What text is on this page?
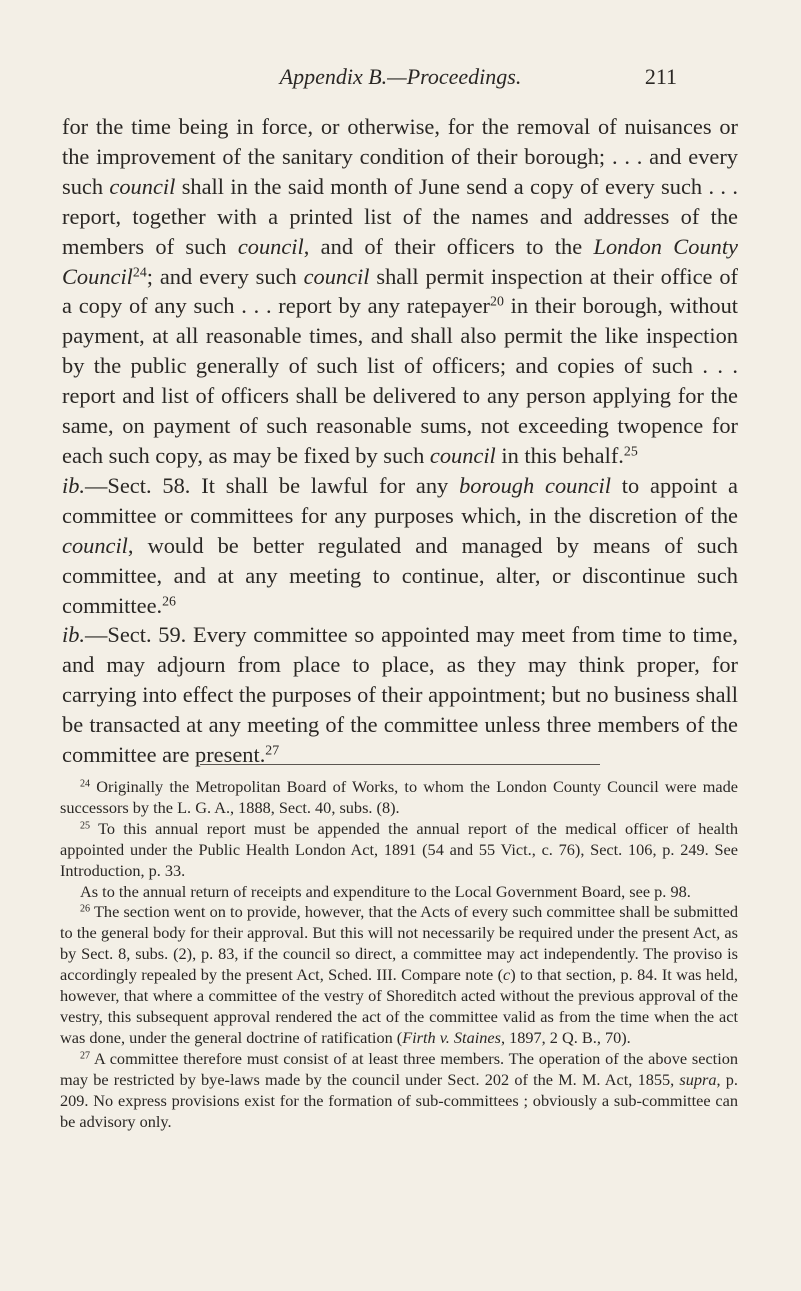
Appendix B.—Proceedings.	211

for the time being in force, or otherwise, for the removal of nuisances or the improvement of the sanitary condition of their borough; . . . and every such council shall in the said month of June send a copy of every such . . . report, together with a printed list of the names and addresses of the members of such council, and of their officers to the London County Council$^{24}$; and every such council shall permit inspection at their office of a copy of any such . . . report by any ratepayer$^{20}$ in their borough, without payment, at all reasonable times, and shall also permit the like inspection by the public generally of such list of officers; and copies of such . . . report and list of officers shall be delivered to any person applying for the same, on payment of such reasonable sums, not exceeding twopence for each such copy, as may be fixed by such council in this behalf.$^{25}$

ib.—Sect. 58. It shall be lawful for any borough council to appoint a committee or committees for any purposes which, in the discretion of the council, would be better regulated and managed by means of such committee, and at any meeting to continue, alter, or discontinue such committee.$^{26}$

ib.—Sect. 59. Every committee so appointed may meet from time to time, and may adjourn from place to place, as they may think proper, for carrying into effect the purposes of their appointment; but no business shall be transacted at any meeting of the committee unless three members of the committee are present.$^{27}$

$^{24}$ Originally the Metropolitan Board of Works, to whom the London County Council were made successors by the L. G. A., 1888, Sect. 40, subs. (8).

$^{25}$ To this annual report must be appended the annual report of the medical officer of health appointed under the Public Health London Act, 1891 (54 and 55 Vict., c. 76), Sect. 106, p. 249. See Introduction, p. 33.

As to the annual return of receipts and expenditure to the Local Government Board, see p. 98.

$^{26}$ The section went on to provide, however, that the Acts of every such committee shall be submitted to the general body for their approval. But this will not necessarily be required under the present Act, as by Sect. 8, subs. (2), p. 83, if the council so direct, a committee may act independently. The proviso is accordingly repealed by the present Act, Sched. III. Compare note (c) to that section, p. 84. It was held, however, that where a committee of the vestry of Shoreditch acted without the previous approval of the vestry, this subsequent approval rendered the act of the committee valid as from the time when the act was done, under the general doctrine of ratification (Firth v. Staines, 1897, 2 Q. B., 70).

$^{27}$ A committee therefore must consist of at least three members. The operation of the above section may be restricted by bye-laws made by the council under Sect. 202 of the M. M. Act, 1855, supra, p. 209. No express provisions exist for the formation of sub-committees ; obviously a sub-committee can be advisory only.
